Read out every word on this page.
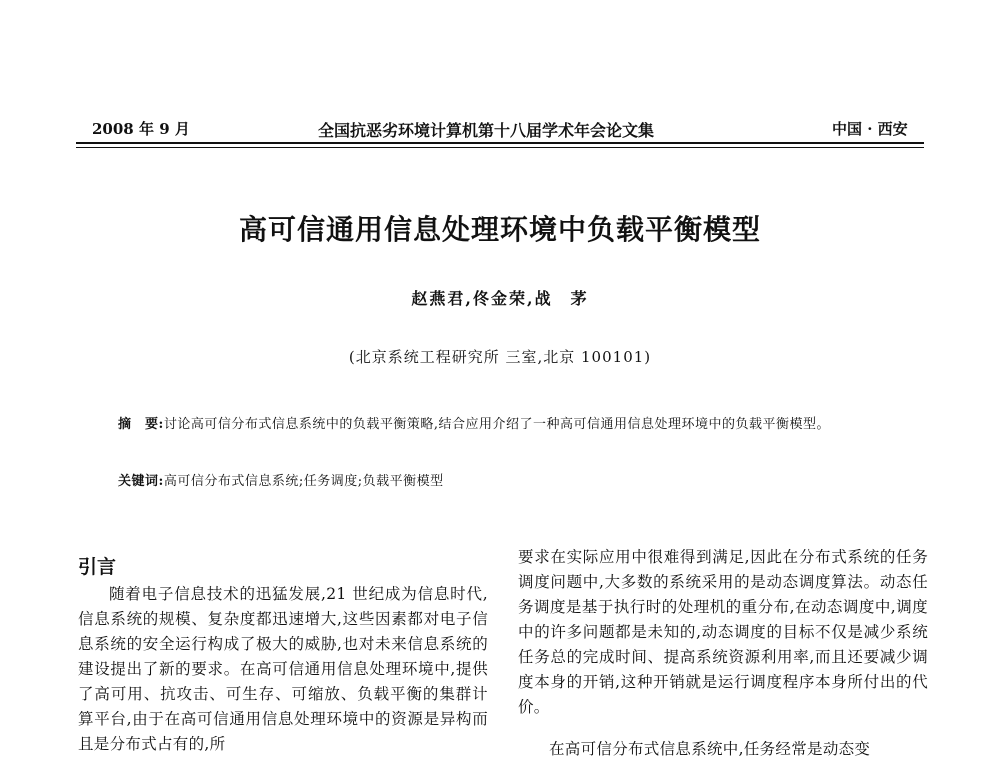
2008 年 9 月	全国抗恶劣环境计算机第十八届学术年会论文集	中国 · 西安
高可信通用信息处理环境中负载平衡模型
赵燕君,佟金荣,战　茅
(北京系统工程研究所 三室,北京 100101)
摘　要:讨论高可信分布式信息系统中的负载平衡策略,结合应用介绍了一种高可信通用信息处理环境中的负载平衡模型。
关键词:高可信分布式信息系统;任务调度;负载平衡模型
引言

随着电子信息技术的迅猛发展,21 世纪成为信息时代,信息系统的规模、复杂度都迅速增大,这些因素都对电子信息系统的安全运行构成了极大的威胁,也对未来信息系统的建设提出了新的要求。在高可信通用信息处理环境中,提供了高可用、抗攻击、可生存、可缩放、负载平衡的集群计算平台,由于在高可信通用信息处理环境中的资源是异构而且是分布式占有的,所

要求在实际应用中很难得到满足,因此在分布式系统的任务调度问题中,大多数的系统采用的是动态调度算法。动态任务调度是基于执行时的处理机的重分布,在动态调度中,调度中的许多问题都是未知的,动态调度的目标不仅是减少系统任务总的完成时间、提高系统资源利用率,而且还要减少调度本身的开销,这种开销就是运行调度程序本身所付出的代价。

在高可信分布式信息系统中,任务经常是动态变
